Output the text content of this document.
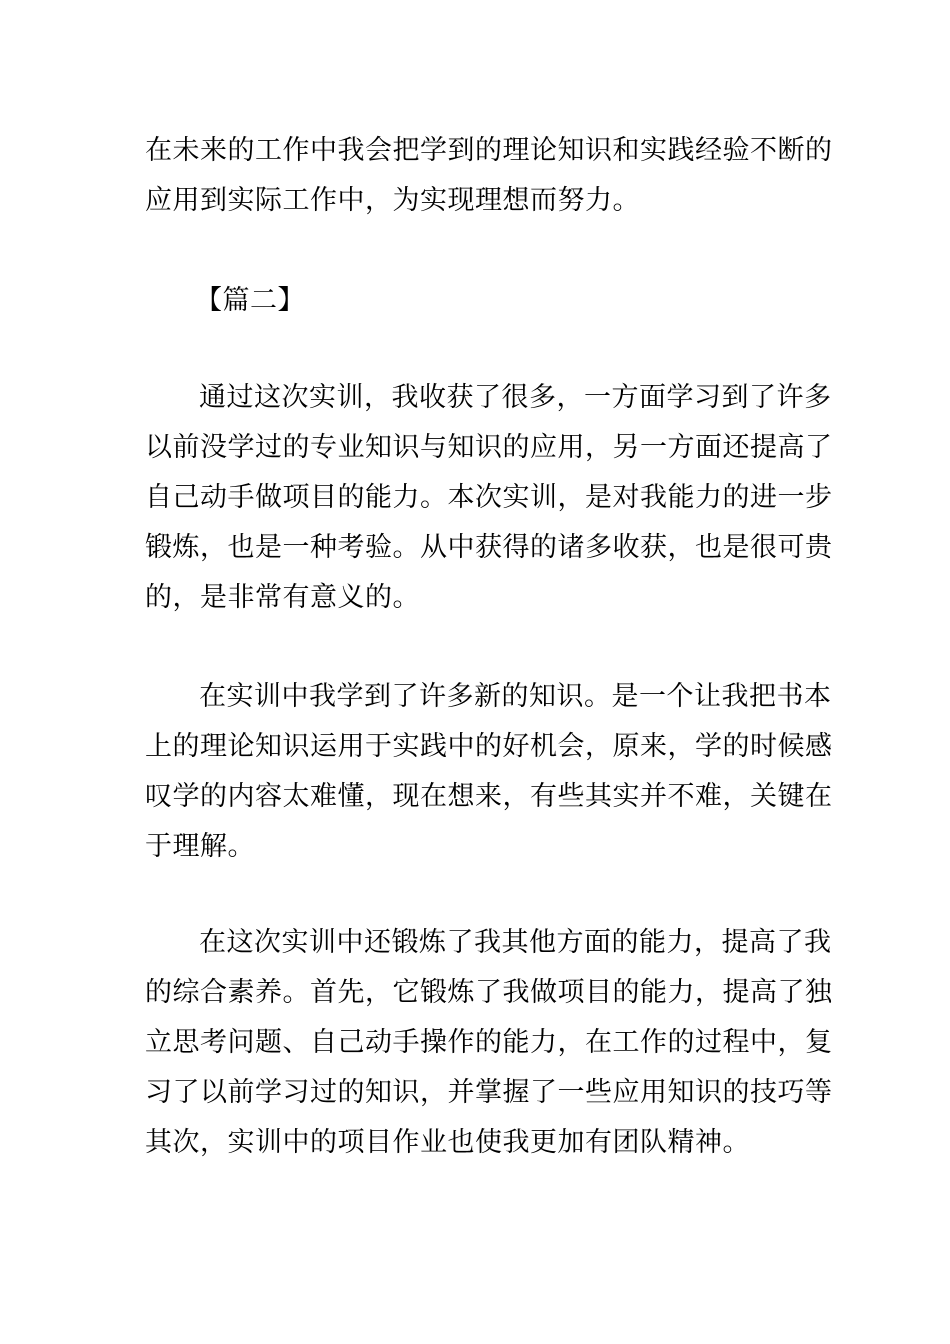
在未来的工作中我会把学到的理论知识和实践经验不断的
应用到实际工作中，为实现理想而努力。
【篇二】
通过这次实训，我收获了很多，一方面学习到了许多
以前没学过的专业知识与知识的应用，另一方面还提高了
自己动手做项目的能力。本次实训，是对我能力的进一步
锻炼，也是一种考验。从中获得的诸多收获，也是很可贵
的，是非常有意义的。
在实训中我学到了许多新的知识。是一个让我把书本
上的理论知识运用于实践中的好机会，原来，学的时候感
叹学的内容太难懂，现在想来，有些其实并不难，关键在
于理解。
在这次实训中还锻炼了我其他方面的能力，提高了我
的综合素养。首先，它锻炼了我做项目的能力，提高了独
立思考问题、自己动手操作的能力，在工作的过程中，复
习了以前学习过的知识，并掌握了一些应用知识的技巧等
其次，实训中的项目作业也使我更加有团队精神。
